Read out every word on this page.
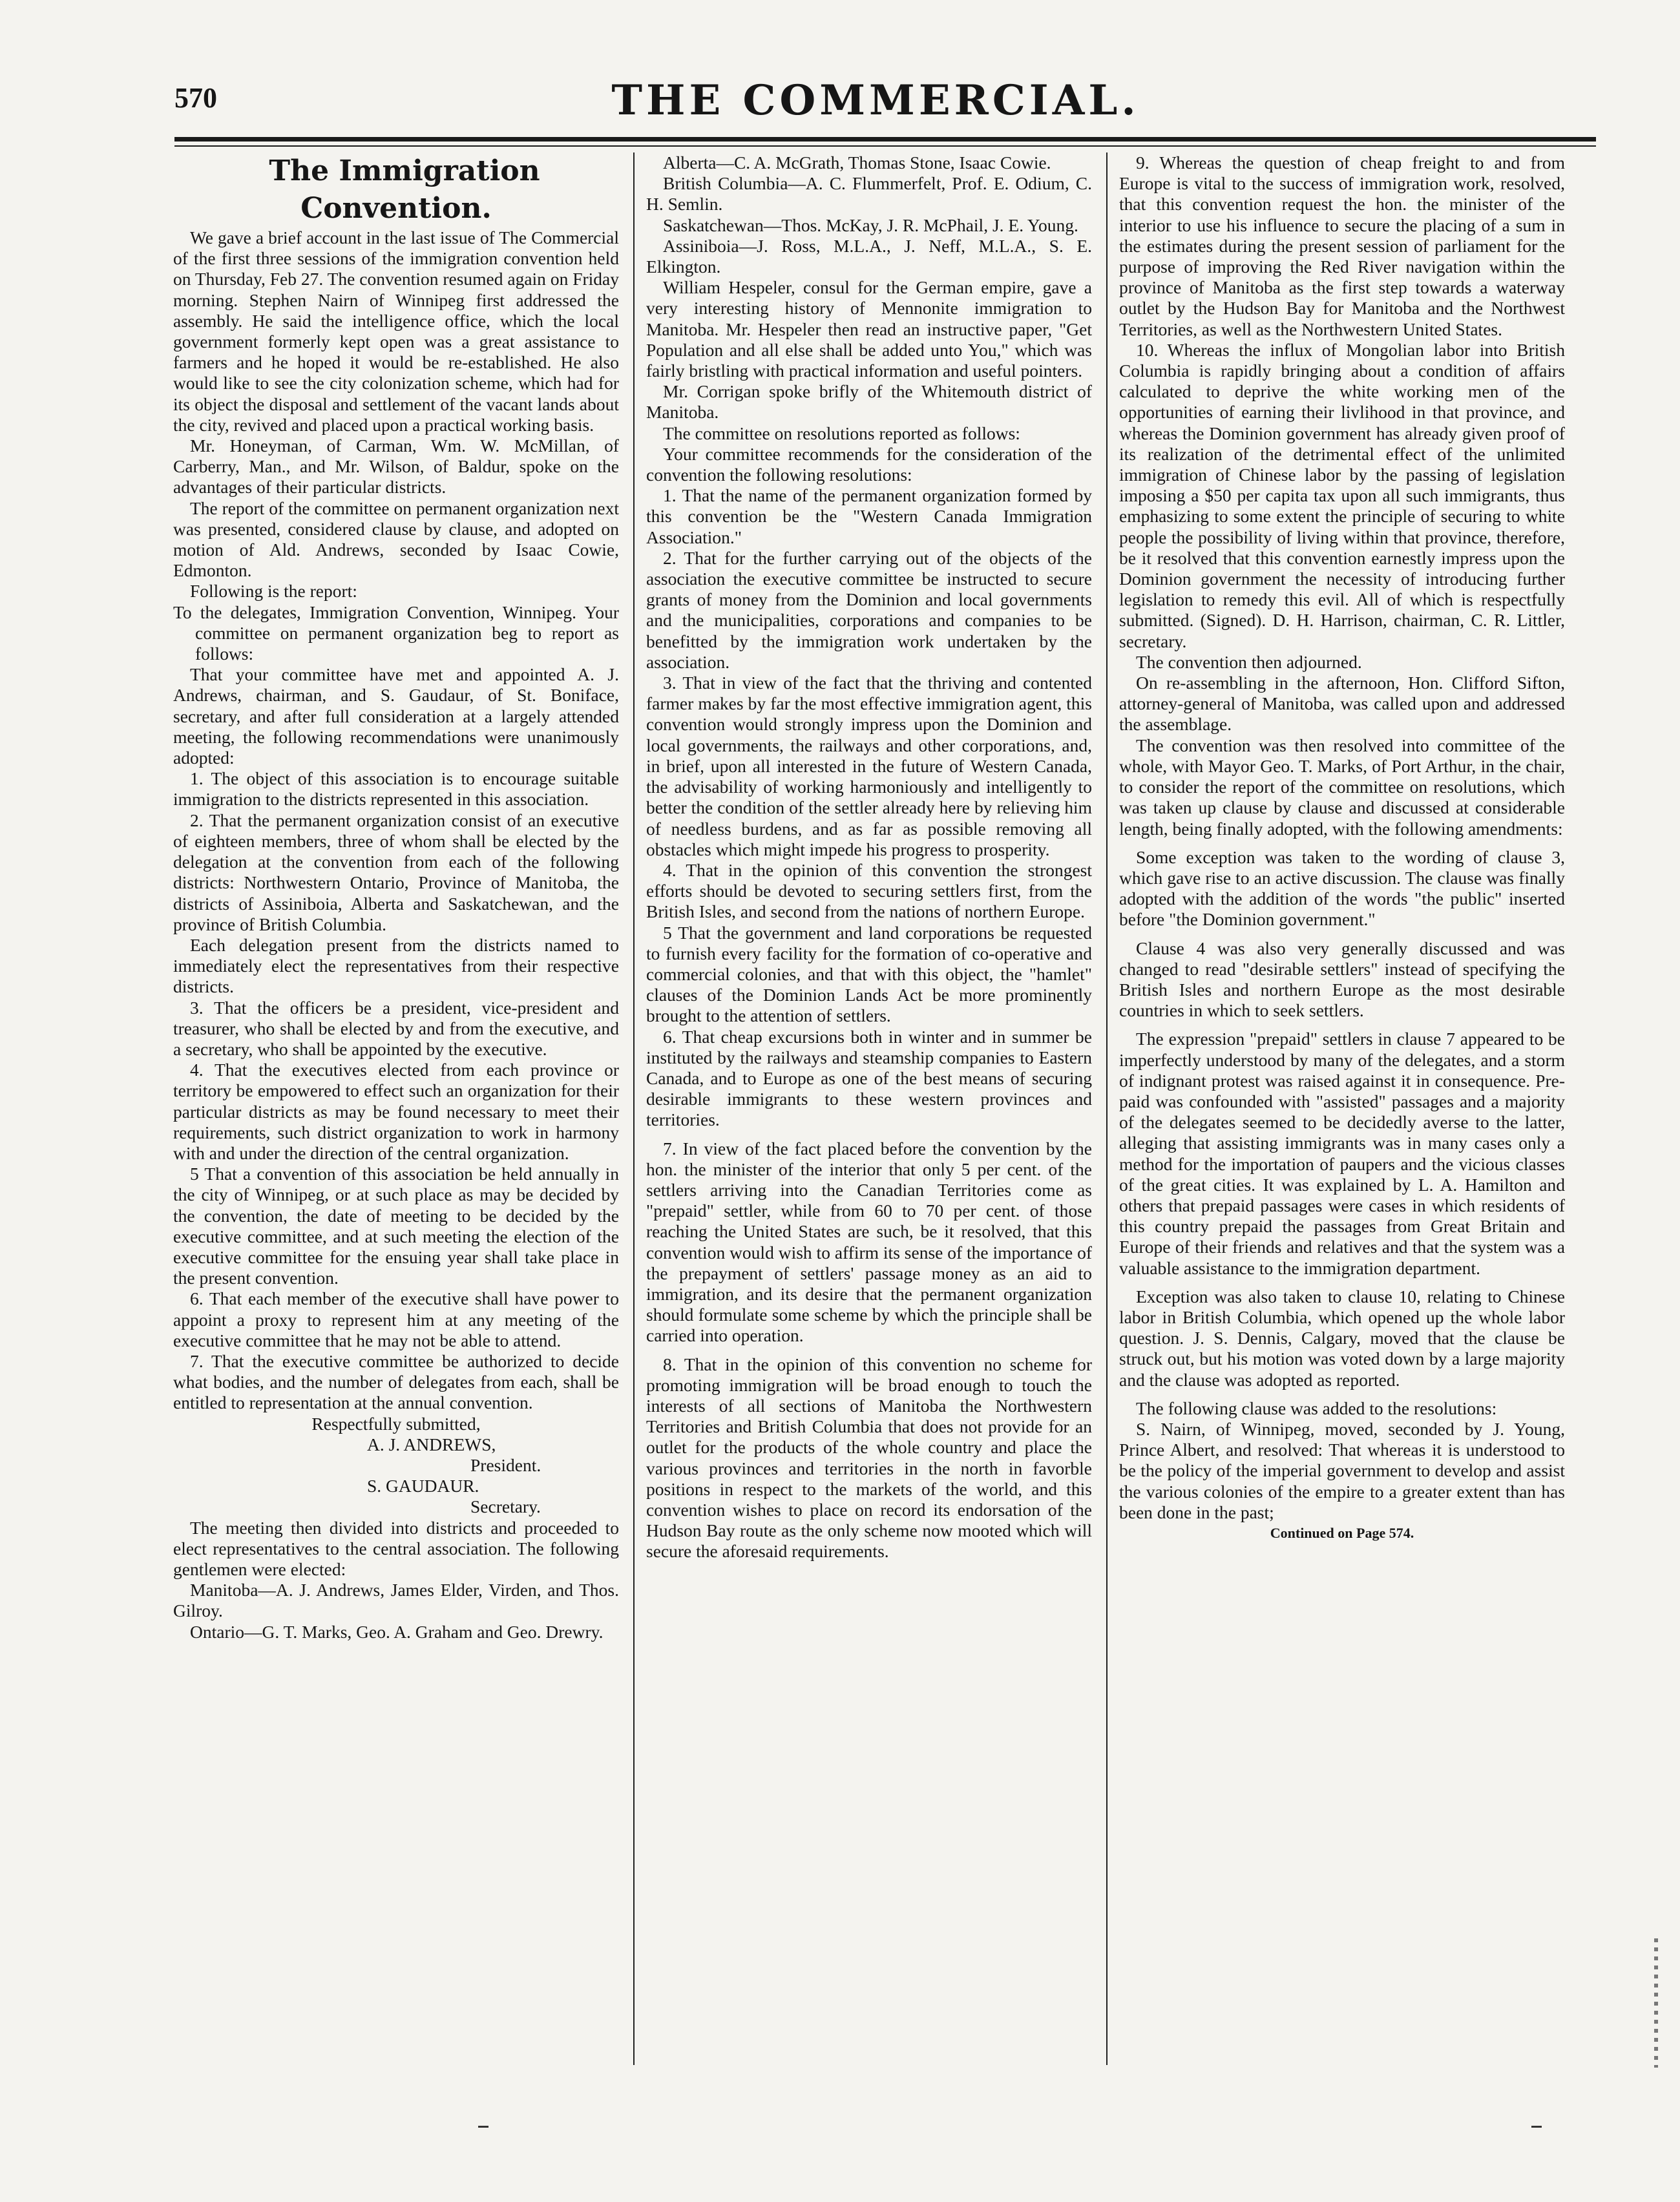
570	THE COMMERCIAL.

The Immigration Convention.

We gave a brief account in the last issue of The Commercial of the first three sessions of the immigration convention held on Thursday, Feb 27. The convention resumed again on Friday morning. Stephen Nairn of Winnipeg first addressed the assembly. He said the intelligence office, which the local government formerly kept open was a great assistance to farmers and he hoped it would be re-established. He also would like to see the city colonization scheme, which had for its object the disposal and settlement of the vacant lands about the city, revived and placed upon a practical working basis.

Mr. Honeyman, of Carman, Wm. W. McMillan, of Carberry, Man., and Mr. Wilson, of Baldur, spoke on the advantages of their particular districts.

The report of the committee on permanent organization next was presented, considered clause by clause, and adopted on motion of Ald. Andrews, seconded by Isaac Cowie, Edmonton.

Following is the report:

To the delegates, Immigration Convention, Winnipeg. Your committee on permanent organization beg to report as follows:

That your committee have met and appointed A. J. Andrews, chairman, and S. Gaudaur, of St. Boniface, secretary, and after full consideration at a largely attended meeting, the following recommendations were unanimously adopted:

1. The object of this association is to encourage suitable immigration to the districts represented in this association.

2. That the permanent organization consist of an executive of eighteen members, three of whom shall be elected by the delegation at the convention from each of the following districts: Northwestern Ontario, Province of Manitoba, the districts of Assiniboia, Alberta and Saskatchewan, and the province of British Columbia.

Each delegation present from the districts named to immediately elect the representatives from their respective districts.

3. That the officers be a president, vice-president and treasurer, who shall be elected by and from the executive, and a secretary, who shall be appointed by the executive.

4. That the executives elected from each province or territory be empowered to effect such an organization for their particular districts as may be found necessary to meet their requirements, such district organization to work in harmony with and under the direction of the central organization.

5 That a convention of this association be held annually in the city of Winnipeg, or at such place as may be decided by the convention, the date of meeting to be decided by the executive committee, and at such meeting the election of the executive committee for the ensuing year shall take place in the present convention.

6. That each member of the executive shall have power to appoint a proxy to represent him at any meeting of the executive committee that he may not be able to attend.

7. That the executive committee be authorized to decide what bodies, and the number of delegates from each, shall be entitled to representation at the annual convention.

Respectfully submitted,

A. J. ANDREWS,

President.

S. GAUDAUR.

Secretary.

The meeting then divided into districts and proceeded to elect representatives to the central association. The following gentlemen were elected:

Manitoba—A. J. Andrews, James Elder, Virden, and Thos. Gilroy.

Ontario—G. T. Marks, Geo. A. Graham and Geo. Drewry.

Alberta—C. A. McGrath, Thomas Stone, Isaac Cowie.

British Columbia—A. C. Flummerfelt, Prof. E. Odium, C. H. Semlin.

Saskatchewan—Thos. McKay, J. R. McPhail, J. E. Young.

Assiniboia—J. Ross, M.L.A., J. Neff, M.L.A., S. E. Elkington.

William Hespeler, consul for the German empire, gave a very interesting history of Mennonite immigration to Manitoba. Mr. Hespeler then read an instructive paper, "Get Population and all else shall be added unto You," which was fairly bristling with practical information and useful pointers.

Mr. Corrigan spoke brifly of the Whitemouth district of Manitoba.

The committee on resolutions reported as follows:

Your committee recommends for the consideration of the convention the following resolutions:

1. That the name of the permanent organization formed by this convention be the "Western Canada Immigration Association."

2. That for the further carrying out of the objects of the association the executive committee be instructed to secure grants of money from the Dominion and local governments and the municipalities, corporations and companies to be benefitted by the immigration work undertaken by the association.

3. That in view of the fact that the thriving and contented farmer makes by far the most effective immigration agent, this convention would strongly impress upon the Dominion and local governments, the railways and other corporations, and, in brief, upon all interested in the future of Western Canada, the advisability of working harmoniously and intelligently to better the condition of the settler already here by relieving him of needless burdens, and as far as possible removing all obstacles which might impede his progress to prosperity.

4. That in the opinion of this convention the strongest efforts should be devoted to securing settlers first, from the British Isles, and second from the nations of northern Europe.

5 That the government and land corporations be requested to furnish every facility for the formation of co-operative and commercial colonies, and that with this object, the "hamlet" clauses of the Dominion Lands Act be more prominently brought to the attention of settlers.

6. That cheap excursions both in winter and in summer be instituted by the railways and steamship companies to Eastern Canada, and to Europe as one of the best means of securing desirable immigrants to these western provinces and territories.

7. In view of the fact placed before the convention by the hon. the minister of the interior that only 5 per cent. of the settlers arriving into the Canadian Territories come as "prepaid" settler, while from 60 to 70 per cent. of those reaching the United States are such, be it resolved, that this convention would wish to affirm its sense of the importance of the prepayment of settlers' passage money as an aid to immigration, and its desire that the permanent organization should formulate some scheme by which the principle shall be carried into operation.

8. That in the opinion of this convention no scheme for promoting immigration will be broad enough to touch the interests of all sections of Manitoba the Northwestern Territories and British Columbia that does not provide for an outlet for the products of the whole country and place the various provinces and territories in the north in favorble positions in respect to the markets of the world, and this convention wishes to place on record its endorsation of the Hudson Bay route as the only scheme now mooted which will secure the aforesaid requirements.

9. Whereas the question of cheap freight to and from Europe is vital to the success of immigration work, resolved, that this convention request the hon. the minister of the interior to use his influence to secure the placing of a sum in the estimates during the present session of parliament for the purpose of improving the Red River navigation within the province of Manitoba as the first step towards a waterway outlet by the Hudson Bay for Manitoba and the Northwest Territories, as well as the Northwestern United States.

10. Whereas the influx of Mongolian labor into British Columbia is rapidly bringing about a condition of affairs calculated to deprive the white working men of the opportunities of earning their livlihood in that province, and whereas the Dominion government has already given proof of its realization of the detrimental effect of the unlimited immigration of Chinese labor by the passing of legislation imposing a $50 per capita tax upon all such immigrants, thus emphasizing to some extent the principle of securing to white people the possibility of living within that province, therefore, be it resolved that this convention earnestly impress upon the Dominion government the necessity of introducing further legislation to remedy this evil. All of which is respectfully submitted. (Signed). D. H. Harrison, chairman, C. R. Littler, secretary.

The convention then adjourned.

On re-assembling in the afternoon, Hon. Clifford Sifton, attorney-general of Manitoba, was called upon and addressed the assemblage.

The convention was then resolved into committee of the whole, with Mayor Geo. T. Marks, of Port Arthur, in the chair, to consider the report of the committee on resolutions, which was taken up clause by clause and discussed at considerable length, being finally adopted, with the following amendments:

Some exception was taken to the wording of clause 3, which gave rise to an active discussion. The clause was finally adopted with the addition of the words "the public" inserted before "the Dominion government."

Clause 4 was also very generally discussed and was changed to read "desirable settlers" instead of specifying the British Isles and northern Europe as the most desirable countries in which to seek settlers.

The expression "prepaid" settlers in clause 7 appeared to be imperfectly understood by many of the delegates, and a storm of indignant protest was raised against it in consequence. Pre-paid was confounded with "assisted" passages and a majority of the delegates seemed to be decidedly averse to the latter, alleging that assisting immigrants was in many cases only a method for the importation of paupers and the vicious classes of the great cities. It was explained by L. A. Hamilton and others that prepaid passages were cases in which residents of this country prepaid the passages from Great Britain and Europe of their friends and relatives and that the system was a valuable assistance to the immigration department.

Exception was also taken to clause 10, relating to Chinese labor in British Columbia, which opened up the whole labor question. J. S. Dennis, Calgary, moved that the clause be struck out, but his motion was voted down by a large majority and the clause was adopted as reported.

The following clause was added to the resolutions:

S. Nairn, of Winnipeg, moved, seconded by J. Young, Prince Albert, and resolved: That whereas it is understood to be the policy of the imperial government to develop and assist the various colonies of the empire to a greater extent than has been done in the past;

Continued on Page 574.
